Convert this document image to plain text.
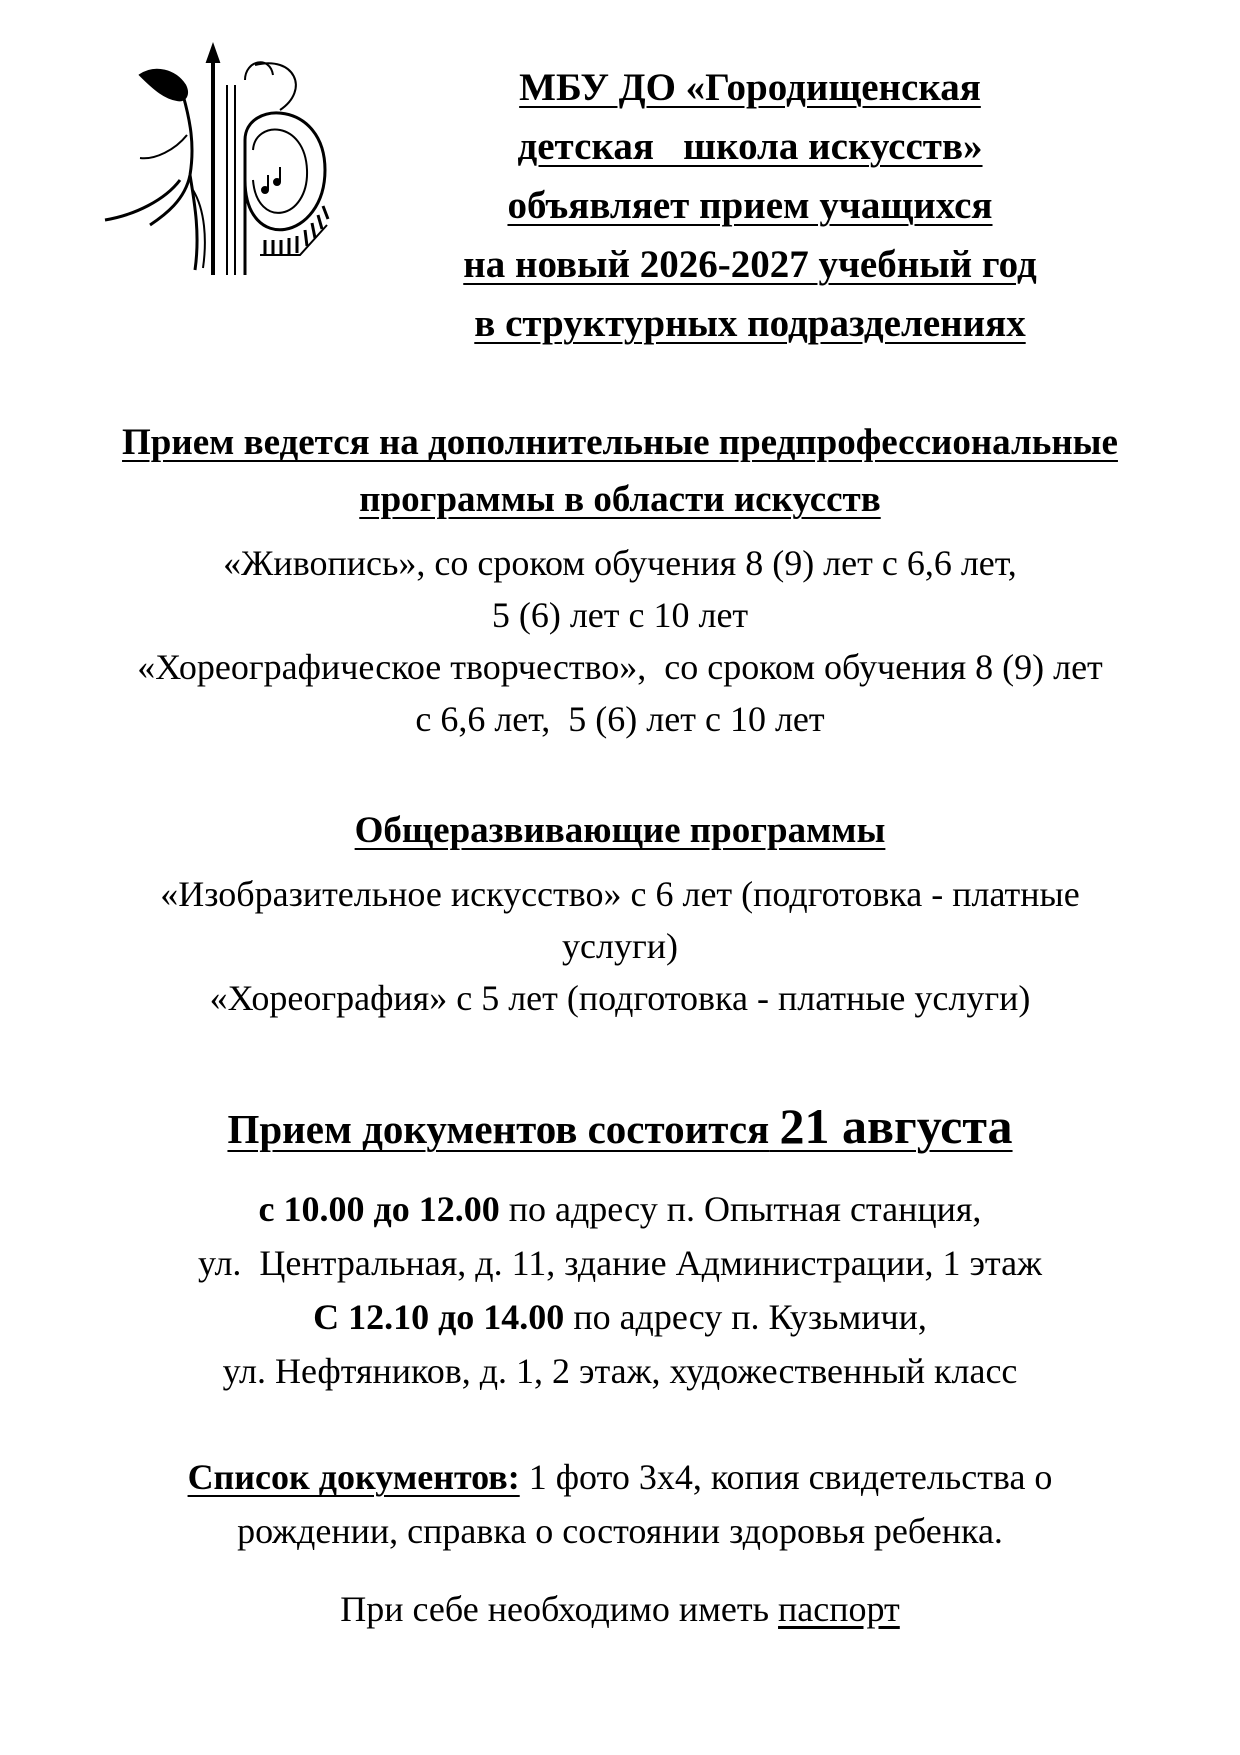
МБУ ДО «Городищенская
детская   школа искусств»
объявляет прием учащихся
на новый 2026-2027 учебный год
в структурных подразделениях
Прием ведется на дополнительные предпрофессиональные
программы в области искусств
«Живопись», со сроком обучения 8 (9) лет с 6,6 лет,
5 (6) лет с 10 лет
«Хореографическое творчество»,  со сроком обучения 8 (9) лет
с 6,6 лет,  5 (6) лет с 10 лет
Общеразвивающие программы
«Изобразительное искусство» с 6 лет (подготовка - платные
услуги)
«Хореография» с 5 лет (подготовка - платные услуги)
Прием документов состоится 21 августа
с 10.00 до 12.00 по адресу п. Опытная станция,
ул.  Центральная, д. 11, здание Администрации, 1 этаж
С 12.10 до 14.00 по адресу п. Кузьмичи,
ул. Нефтяников, д. 1, 2 этаж, художественный класс
Список документов: 1 фото 3х4, копия свидетельства о
рождении, справка о состоянии здоровья ребенка.
При себе необходимо иметь паспорт
